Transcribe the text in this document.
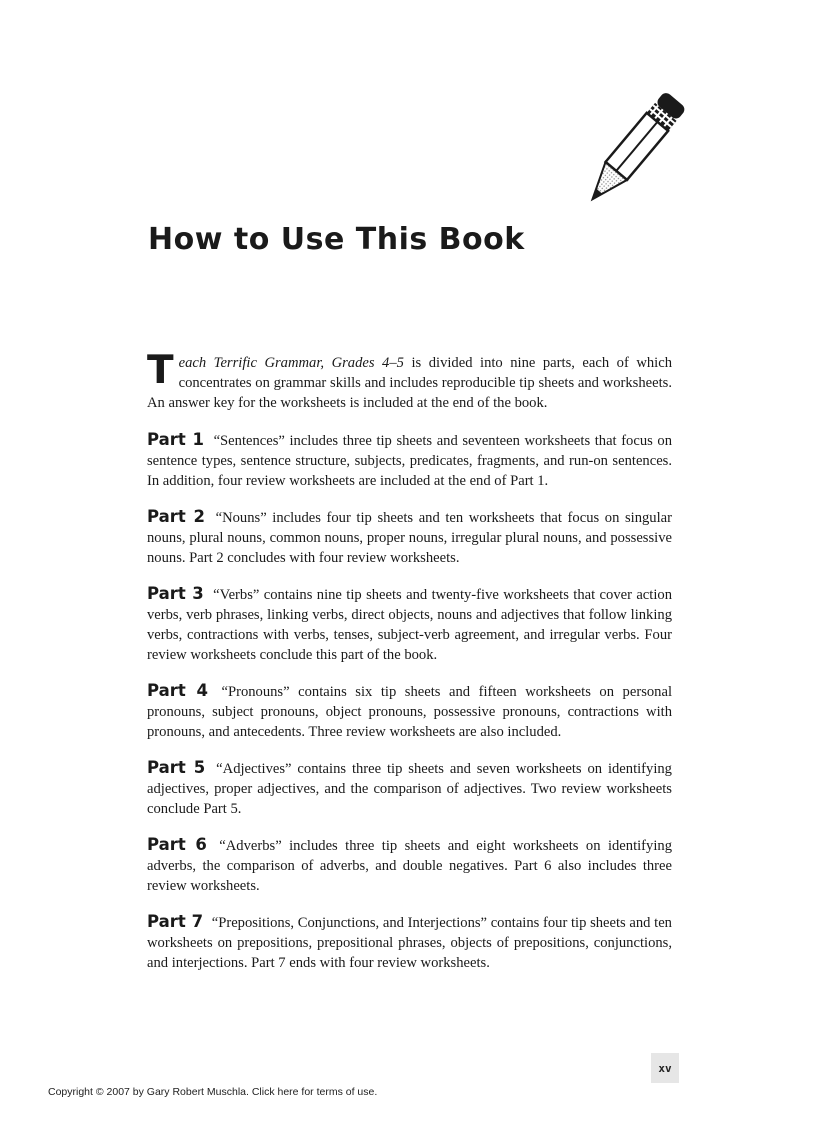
How to Use This Book

Teach Terrific Grammar, Grades 4–5 is divided into nine parts, each of which concentrates on grammar skills and includes reproducible tip sheets and worksheets. An answer key for the worksheets is included at the end of the book.

Part 1 “Sentences” includes three tip sheets and seventeen worksheets that focus on sentence types, sentence structure, subjects, predicates, fragments, and run-on sentences. In addition, four review worksheets are included at the end of Part 1.

Part 2 “Nouns” includes four tip sheets and ten worksheets that focus on singular nouns, plural nouns, common nouns, proper nouns, irregular plural nouns, and possessive nouns. Part 2 concludes with four review worksheets.

Part 3 “Verbs” contains nine tip sheets and twenty-five worksheets that cover action verbs, verb phrases, linking verbs, direct objects, nouns and adjectives that follow linking verbs, contractions with verbs, tenses, subject-verb agreement, and irregular verbs. Four review worksheets conclude this part of the book.

Part 4 “Pronouns” contains six tip sheets and fifteen worksheets on personal pronouns, subject pronouns, object pronouns, possessive pronouns, contractions with pronouns, and antecedents. Three review worksheets are also included.

Part 5 “Adjectives” contains three tip sheets and seven worksheets on identifying adjectives, proper adjectives, and the comparison of adjectives. Two review worksheets conclude Part 5.

Part 6 “Adverbs” includes three tip sheets and eight worksheets on identifying adverbs, the comparison of adverbs, and double negatives. Part 6 also includes three review worksheets.

Part 7 “Prepositions, Conjunctions, and Interjections” contains four tip sheets and ten worksheets on prepositions, prepositional phrases, objects of prepositions, conjunctions, and interjections. Part 7 ends with four review worksheets.

xv
Copyright © 2007 by Gary Robert Muschla. Click here for terms of use.
